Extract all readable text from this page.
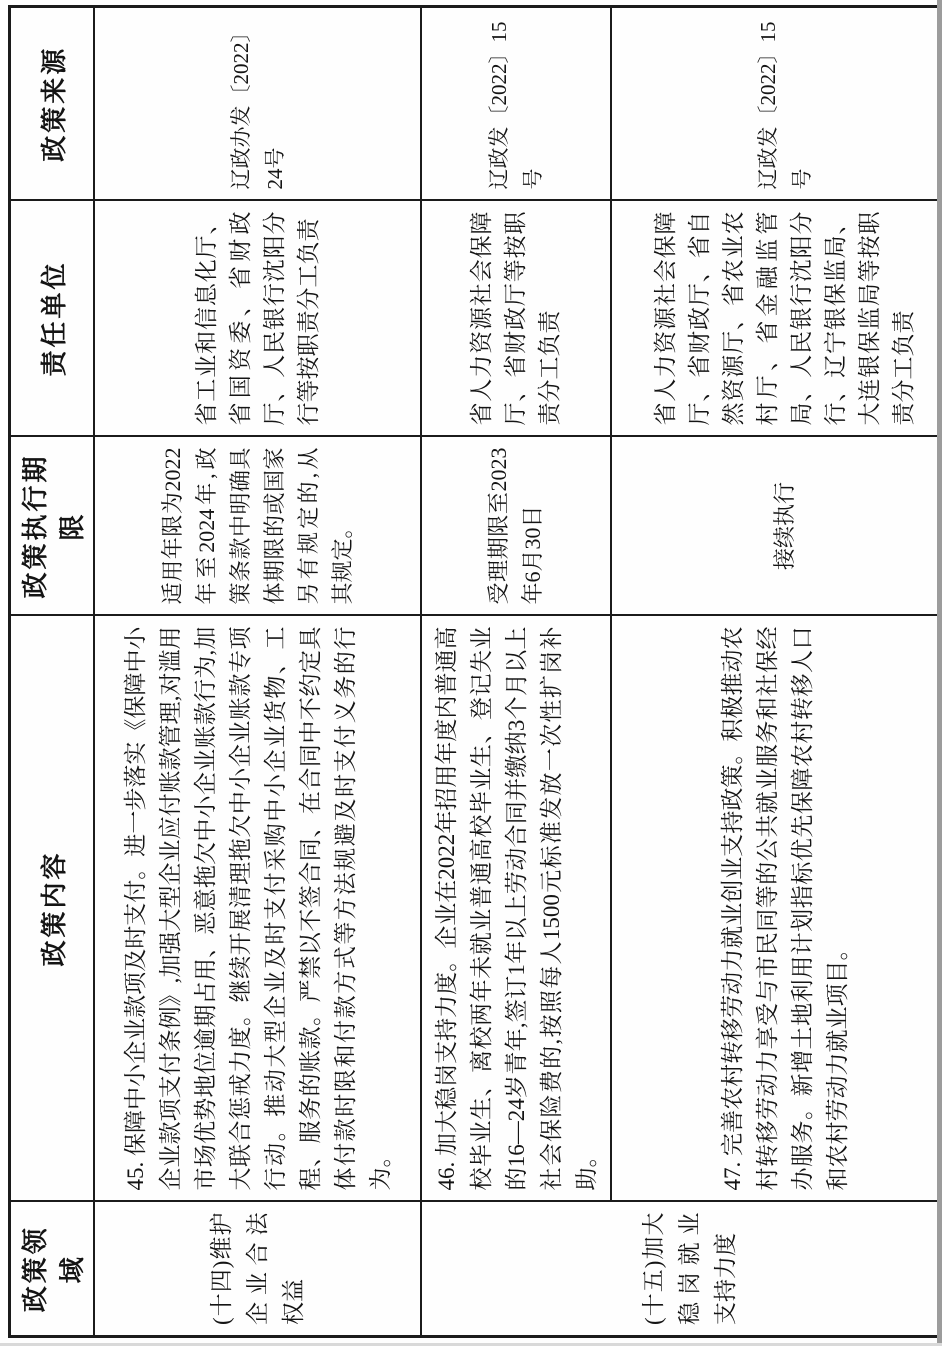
政策领域	政策内容	政策执行期限	责任单位	政策来源
(十四)维护企业合法权益	45. 保障中小企业款项及时支付。进一步落实《保障中小企业款项支付条例》,加强大型企业应付账款管理,对滥用市场优势地位逾期占用、恶意拖欠中小企业账款行为,加大联合惩戒力度。继续开展清理拖欠中小企业账款专项行动。推动大型企业及时支付采购中小企业货物、工程、服务的账款。严禁以不签合同、在合同中不约定具体付款时限和付款方式等方法规避及时支付义务的行为。	适用年限为2022年至2024年,政策条款中明确具体期限的或国家另有规定的,从其规定。	省工业和信息化厅、省国资委、省财政厅、人民银行沈阳分行等按职责分工负责	辽政办发〔2022〕24号
(十五)加大稳岗就业支持力度	46. 加大稳岗支持力度。企业在2022年招用年度内普通高校毕业生、离校两年未就业普通高校毕业生、登记失业的16—24岁青年,签订1年以上劳动合同并缴纳3个月以上社会保险费的,按照每人1500元标准发放一次性扩岗补助。	受理期限至2023年6月30日	省人力资源社会保障厅、省财政厅等按职责分工负责	辽政发〔2022〕15号
	47. 完善农村转移劳动力就业创业支持政策。积极推动农村转移劳动力享受与市民同等的公共就业服务和社保经办服务。新增土地利用计划指标优先保障农村转移人口和农村劳动力就业项目。	接续执行	省人力资源社会保障厅、省财政厅、省自然资源厅、省农业农村厅、省金融监管局、人民银行沈阳分行、辽宁银保监局、大连银保监局等按职责分工负责	辽政发〔2022〕15号
